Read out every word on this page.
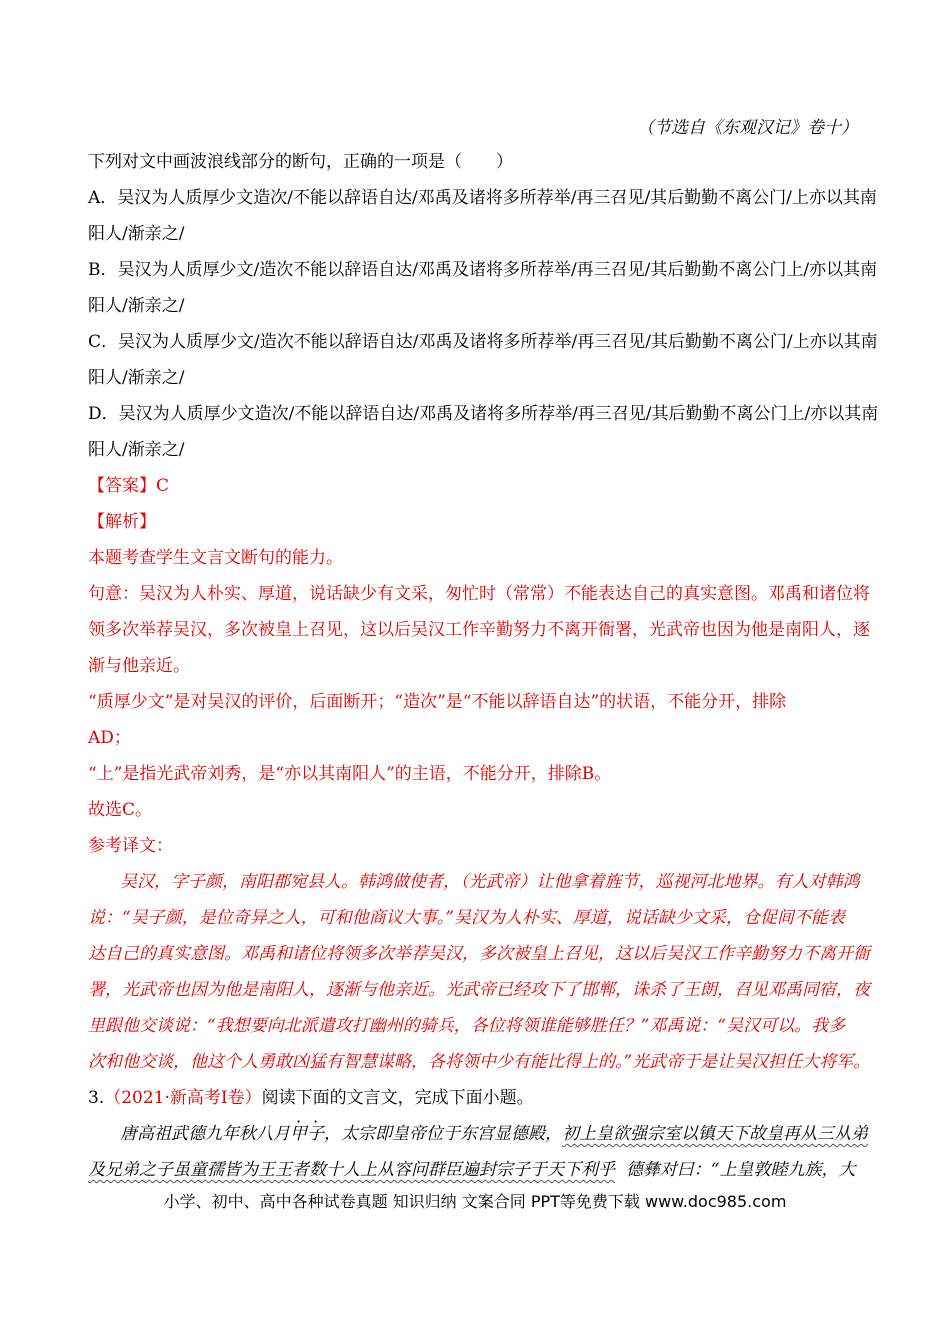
（节选自《东观汉记》卷十）
下列对文中画波浪线部分的断句，正确的一项是（　　）
A．吴汉为人质厚少文造次/不能以辞语自达/邓禹及诸将多所荐举/再三召见/其后勤勤不离公门/上亦以其南
阳人/渐亲之/
B．吴汉为人质厚少文/造次不能以辞语自达/邓禹及诸将多所荐举/再三召见/其后勤勤不离公门上/亦以其南
阳人/渐亲之/
C．吴汉为人质厚少文/造次不能以辞语自达/邓禹及诸将多所荐举/再三召见/其后勤勤不离公门/上亦以其南
阳人/渐亲之/
D．吴汉为人质厚少文造次/不能以辞语自达/邓禹及诸将多所荐举/再三召见/其后勤勤不离公门上/亦以其南
阳人/渐亲之/
【答案】C
【解析】
本题考查学生文言文断句的能力。
句意：吴汉为人朴实、厚道，说话缺少有文采，匆忙时（常常）不能表达自己的真实意图。邓禹和诸位将
领多次举荐吴汉，多次被皇上召见，这以后吴汉工作辛勤努力不离开衙署，光武帝也因为他是南阳人，逐
渐与他亲近。
“质厚少文”是对吴汉的评价，后面断开；“造次”是“不能以辞语自达”的状语，不能分开，排除
AD；
“上”是指光武帝刘秀，是“亦以其南阳人”的主语，不能分开，排除B。
故选C。
参考译文：
吴汉，字子颜，南阳郡宛县人。韩鸿做使者，（光武帝）让他拿着旌节，巡视河北地界。有人对韩鸿
说：“吴子颜，是位奇异之人，可和他商议大事。”吴汉为人朴实、厚道，说话缺少文采，仓促间不能表
达自己的真实意图。邓禹和诸位将领多次举荐吴汉，多次被皇上召见，这以后吴汉工作辛勤努力不离开衙
署，光武帝也因为他是南阳人，逐渐与他亲近。光武帝已经攻下了邯郸，诛杀了王朗，召见邓禹同宿，夜
里跟他交谈说：“我想要向北派遣攻打幽州的骑兵，各位将领谁能够胜任？”邓禹说：“吴汉可以。我多
次和他交谈，他这个人勇敢凶猛有智慧谋略，各将领中少有能比得上的。”光武帝于是让吴汉担任大将军。
3.（2021·新高考Ⅰ卷）阅读下面的文言文，完成下面小题。
唐高祖武德九年秋八月甲子，太宗即皇帝位于东宫显德殿，初上皇欲强宗室以镇天下故皇再从三从弟
及兄弟之子虽童孺皆为王王者数十人上从容问群臣遍封宗子于天下利乎 德彝对曰：“上皇敦睦九族，大
小学、初中、高中各种试卷真题 知识归纳 文案合同 PPT等免费下载 www.doc985.com
